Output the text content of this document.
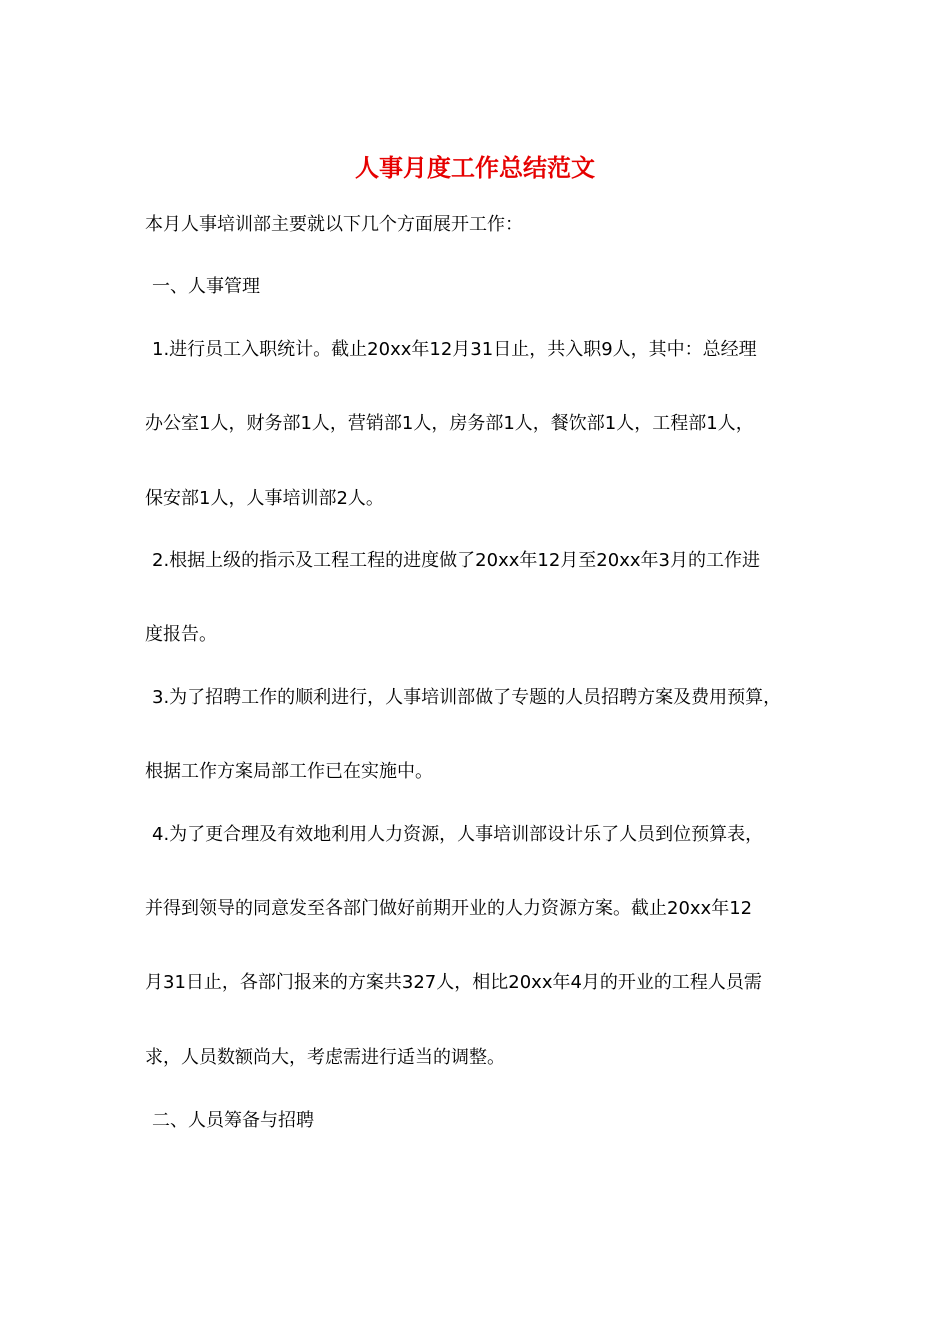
人事月度工作总结范文
本月人事培训部主要就以下几个方面展开工作：
一、人事管理
1.进行员工入职统计。截止20xx年12月31日止，共入职9人，其中：总经理
办公室1人，财务部1人，营销部1人，房务部1人，餐饮部1人，工程部1人，
保安部1人，人事培训部2人。
2.根据上级的指示及工程工程的进度做了20xx年12月至20xx年3月的工作进
度报告。
3.为了招聘工作的顺利进行，人事培训部做了专题的人员招聘方案及费用预算，
根据工作方案局部工作已在实施中。
4.为了更合理及有效地利用人力资源，人事培训部设计乐了人员到位预算表，
并得到领导的同意发至各部门做好前期开业的人力资源方案。截止20xx年12
月31日止，各部门报来的方案共327人，相比20xx年4月的开业的工程人员需
求，人员数额尚大，考虑需进行适当的调整。
二、人员筹备与招聘
